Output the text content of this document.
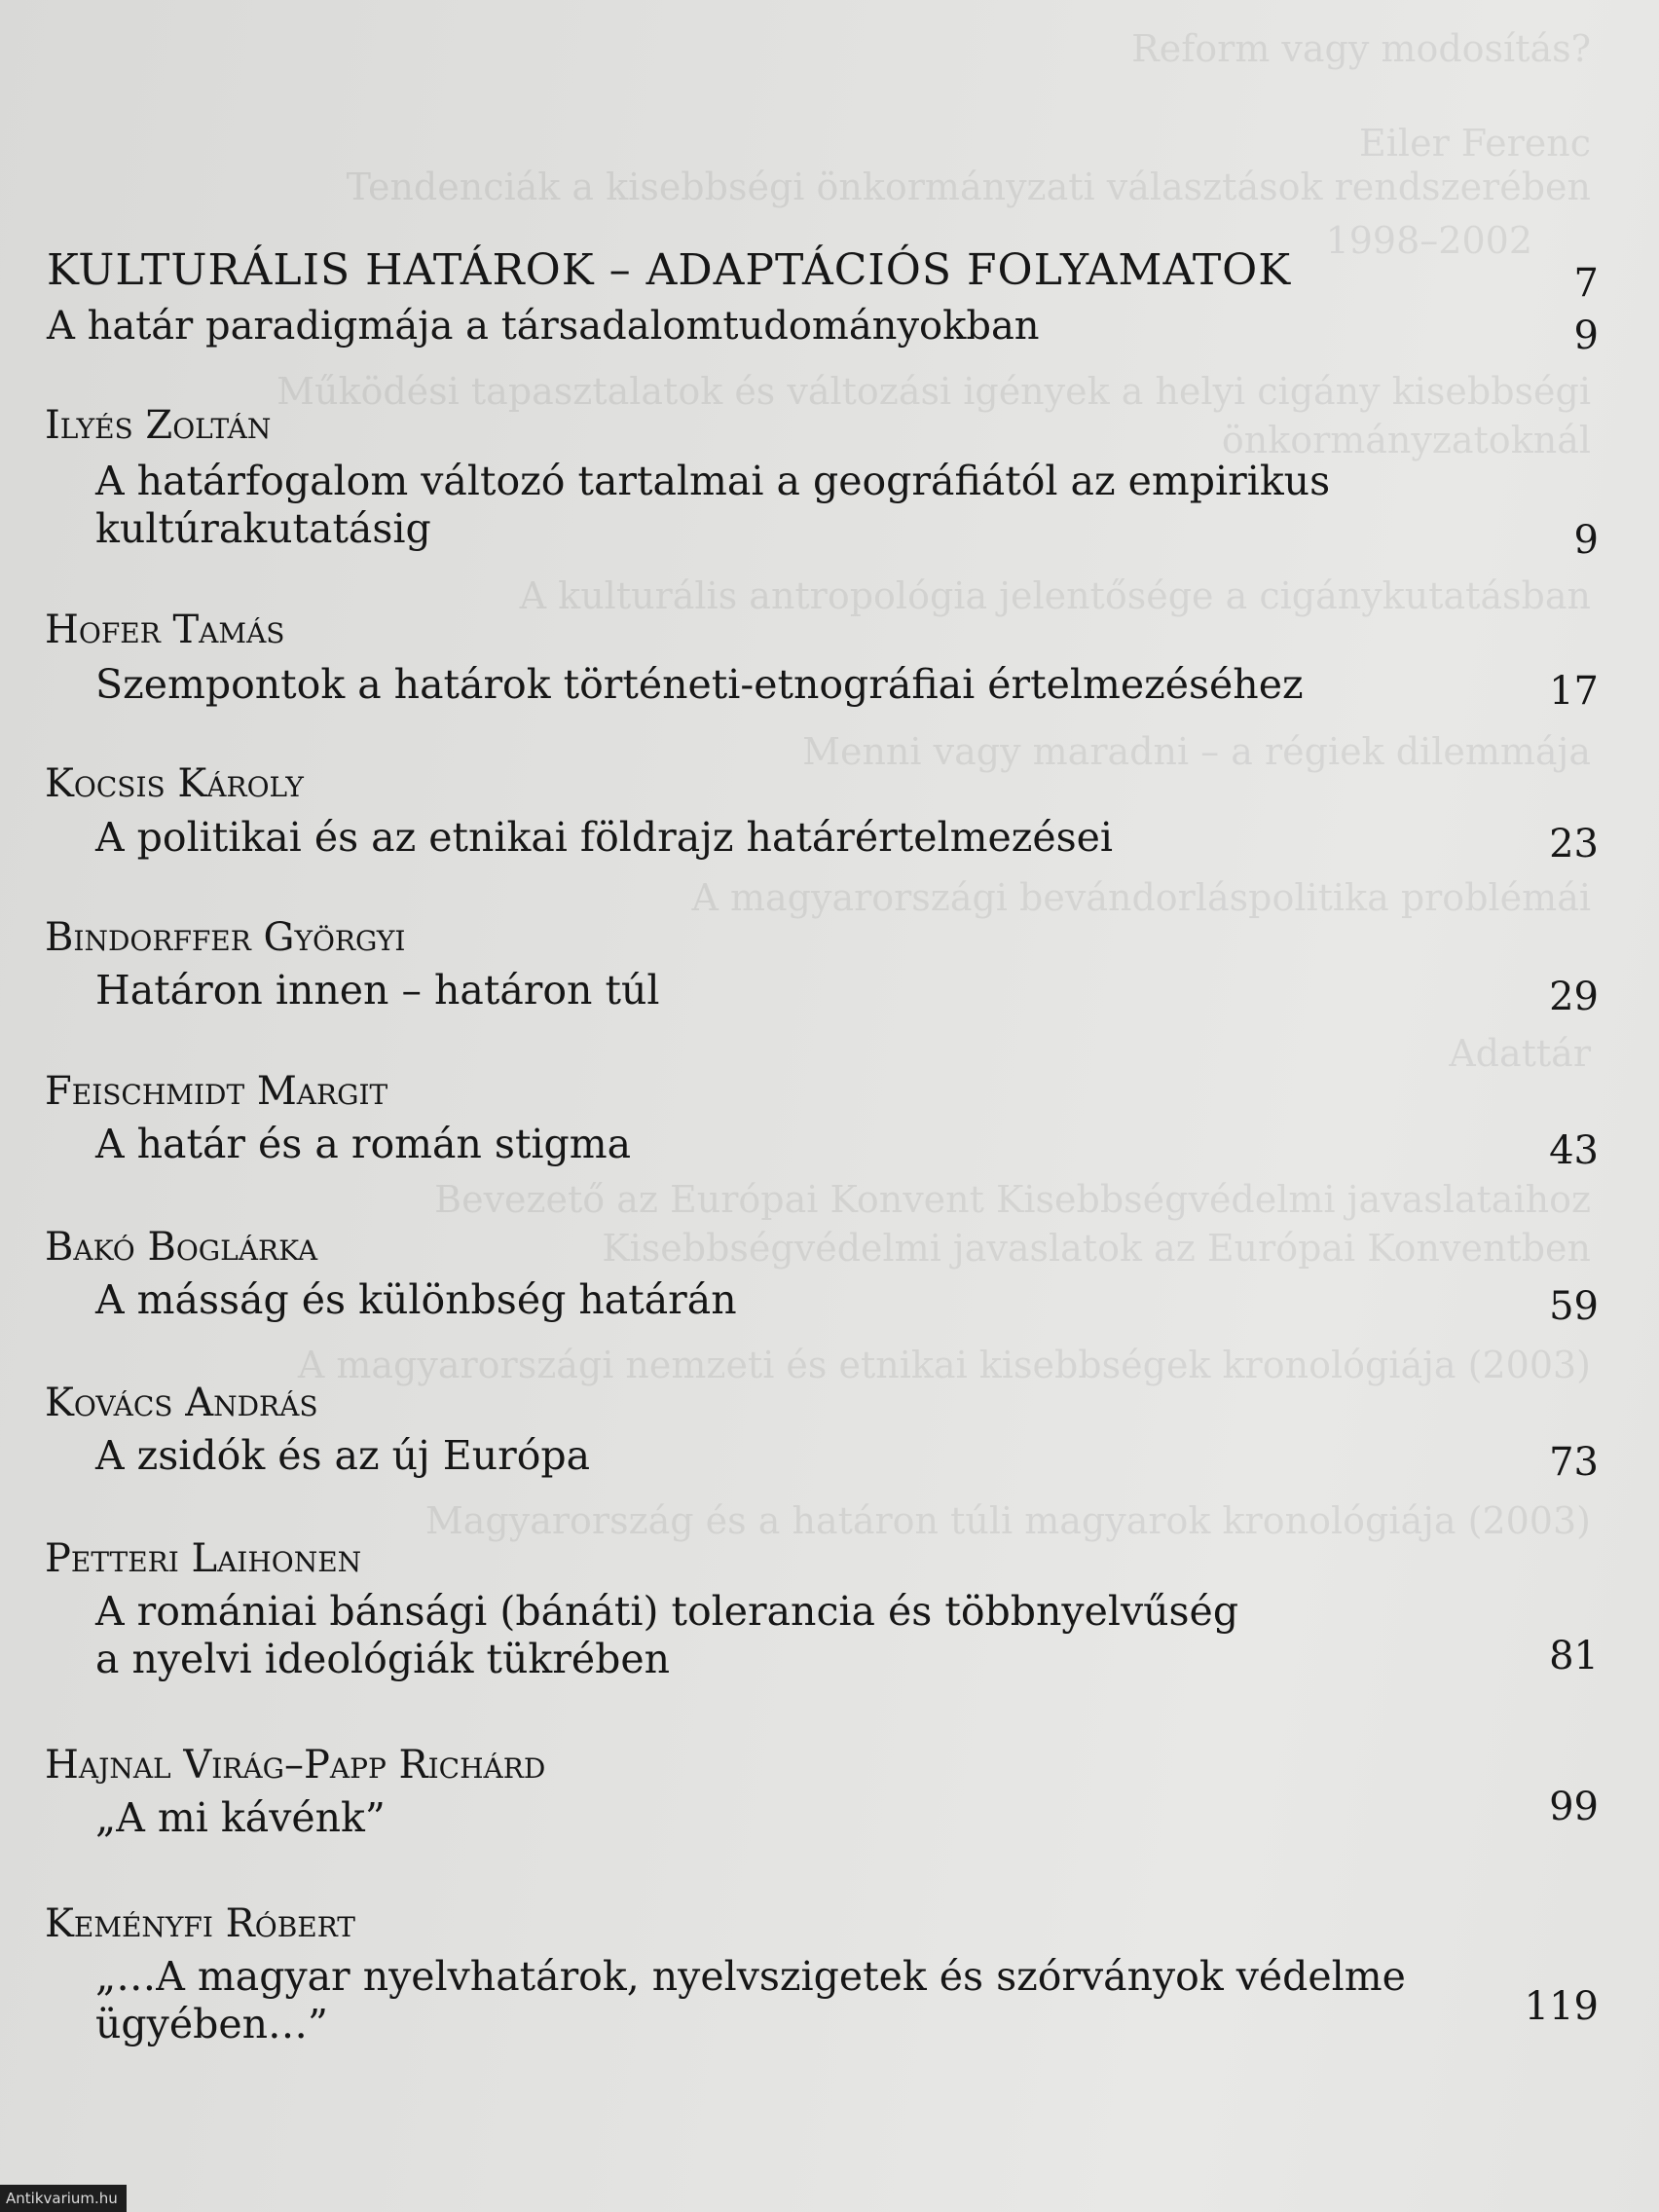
Reform vagy modosítás?
Eiler Ferenc
Tendenciák a kisebbségi önkormányzati választások rendszerében
1998–2002
Működési tapasztalatok és változási igények a helyi cigány kisebbségi
önkormányzatoknál
A kulturális antropológia jelentősége a cigánykutatásban
Menni vagy maradni – a régiek dilemmája
A magyarországi bevándorláspolitika problémái
Adattár
Bevezető az Európai Konvent Kisebbségvédelmi javaslataihoz
Kisebbségvédelmi javaslatok az Európai Konventben
A magyarországi nemzeti és etnikai kisebbségek kronológiája (2003)
Magyarország és a határon túli magyarok kronológiája (2003)
KULTURÁLIS HATÁROK – ADAPTÁCIÓS FOLYAMATOK	7
A határ paradigmája a társadalomtudományokban	9
Ilyés Zoltán
A határfogalom változó tartalmai a geográfiától az empirikus
kultúrakutatásig	9
Hofer Tamás
Szempontok a határok történeti-etnográfiai értelmezéséhez	17
Kocsis Károly
A politikai és az etnikai földrajz határértelmezései	23
Bindorffer Györgyi
Határon innen – határon túl	29
Feischmidt Margit
A határ és a román stigma	43
Bakó Boglárka
A másság és különbség határán	59
Kovács András
A zsidók és az új Európa	73
Petteri Laihonen
A romániai bánsági (bánáti) tolerancia és többnyelvűség
a nyelvi ideológiák tükrében	81
Hajnal Virág–Papp Richárd
„A mi kávénk”	99
Keményfi Róbert
„…A magyar nyelvhatárok, nyelvszigetek és szórványok védelme
ügyében…”	119
Antikvarium.hu
